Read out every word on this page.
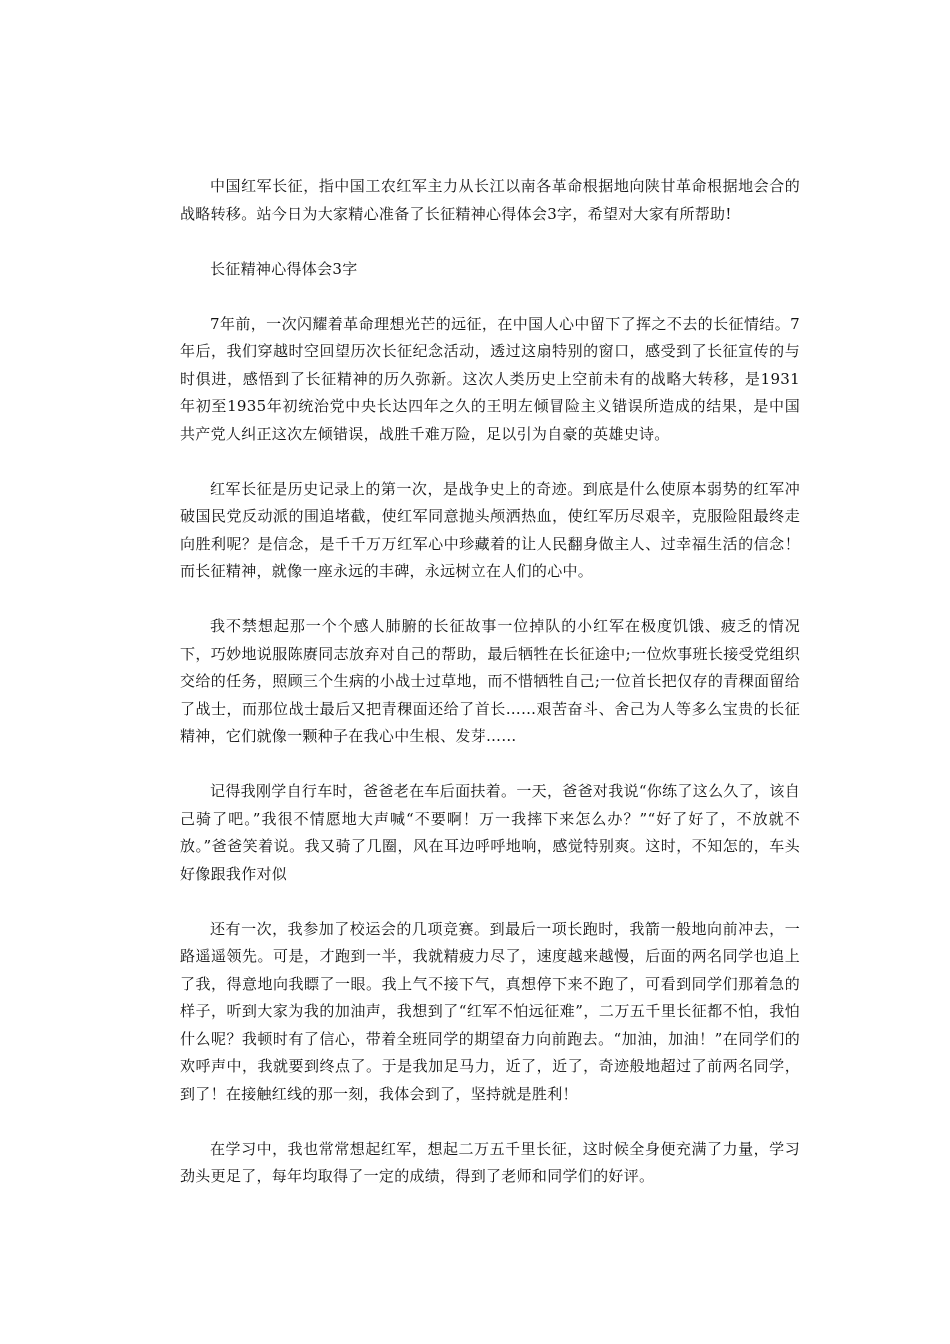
中国红军长征，指中国工农红军主力从长江以南各革命根据地向陕甘革命根据地会合的战略转移。站今日为大家精心准备了长征精神心得体会3字，希望对大家有所帮助!

长征精神心得体会3字

7年前，一次闪耀着革命理想光芒的远征，在中国人心中留下了挥之不去的长征情结。7年后，我们穿越时空回望历次长征纪念活动，透过这扇特别的窗口，感受到了长征宣传的与时俱进，感悟到了长征精神的历久弥新。这次人类历史上空前未有的战略大转移，是1931年初至1935年初统治党中央长达四年之久的王明左倾冒险主义错误所造成的结果，是中国共产党人纠正这次左倾错误，战胜千难万险，足以引为自豪的英雄史诗。

红军长征是历史记录上的第一次，是战争史上的奇迹。到底是什么使原本弱势的红军冲破国民党反动派的围追堵截，使红军同意抛头颅洒热血，使红军历尽艰辛，克服险阻最终走向胜利呢？是信念，是千千万万红军心中珍藏着的让人民翻身做主人、过幸福生活的信念！而长征精神，就像一座永远的丰碑，永远树立在人们的心中。

我不禁想起那一个个感人肺腑的长征故事一位掉队的小红军在极度饥饿、疲乏的情况下，巧妙地说服陈赓同志放弃对自己的帮助，最后牺牲在长征途中;一位炊事班长接受党组织交给的任务，照顾三个生病的小战士过草地，而不惜牺牲自己;一位首长把仅存的青稞面留给了战士，而那位战士最后又把青稞面还给了首长……艰苦奋斗、舍己为人等多么宝贵的长征精神，它们就像一颗种子在我心中生根、发芽……

记得我刚学自行车时，爸爸老在车后面扶着。一天，爸爸对我说“你练了这么久了，该自己骑了吧。”我很不情愿地大声喊“不要啊！万一我摔下来怎么办？”“好了好了，不放就不放。”爸爸笑着说。我又骑了几圈，风在耳边呼呼地响，感觉特别爽。这时，不知怎的，车头好像跟我作对似

还有一次，我参加了校运会的几项竞赛。到最后一项长跑时，我箭一般地向前冲去，一路遥遥领先。可是，才跑到一半，我就精疲力尽了，速度越来越慢，后面的两名同学也追上了我，得意地向我瞟了一眼。我上气不接下气，真想停下来不跑了，可看到同学们那着急的样子，听到大家为我的加油声，我想到了“红军不怕远征难”，二万五千里长征都不怕，我怕什么呢？我顿时有了信心，带着全班同学的期望奋力向前跑去。“加油，加油！”在同学们的欢呼声中，我就要到终点了。于是我加足马力，近了，近了，奇迹般地超过了前两名同学，到了！在接触红线的那一刻，我体会到了，坚持就是胜利！

在学习中，我也常常想起红军，想起二万五千里长征，这时候全身便充满了力量，学习劲头更足了，每年均取得了一定的成绩，得到了老师和同学们的好评。
